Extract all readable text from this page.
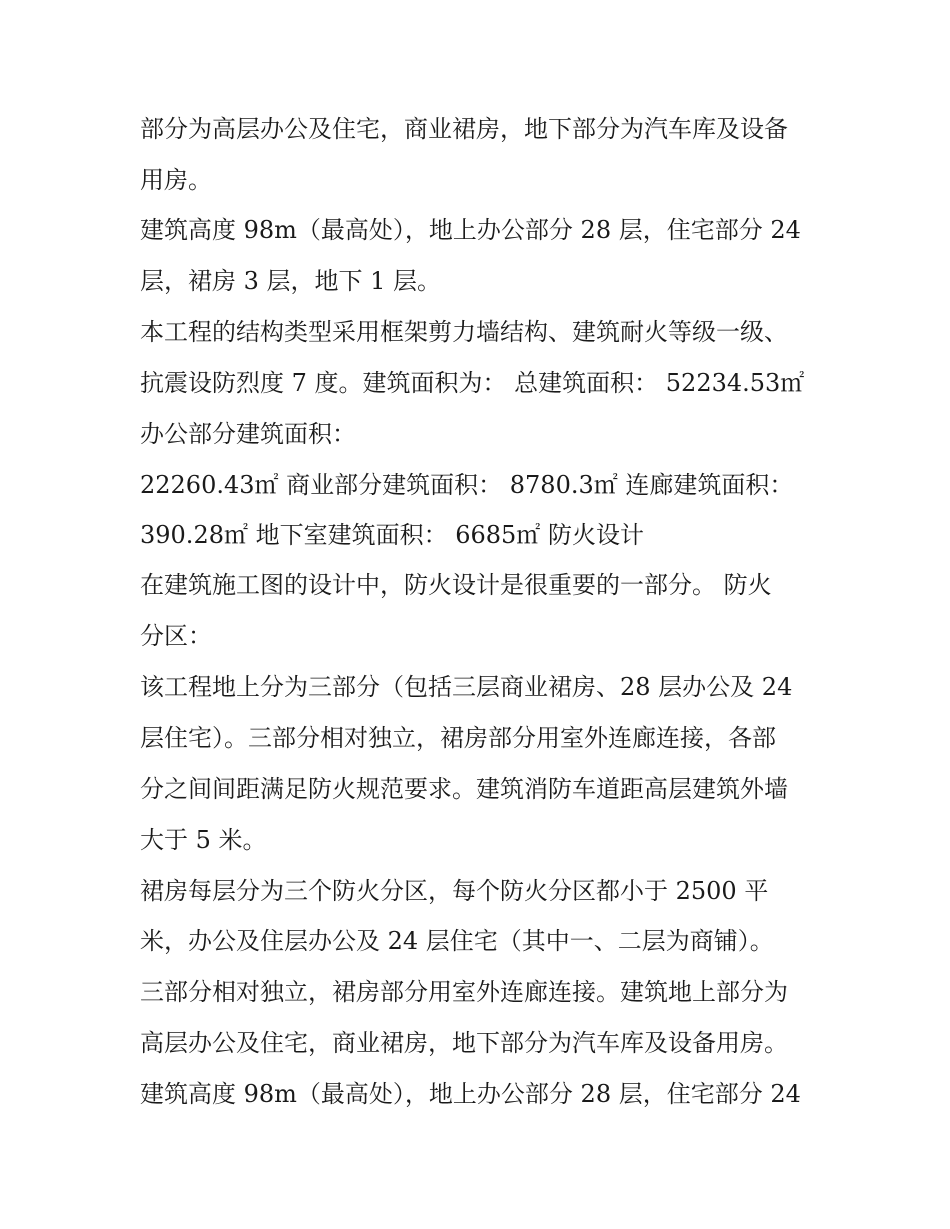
部分为高层办公及住宅，商业裙房，地下部分为汽车库及设备
用房。
建筑高度 98m（最高处），地上办公部分 28 层，住宅部分 24
层，裙房 3 层，地下 1 层。
本工程的结构类型采用框架剪力墙结构、建筑耐火等级一级、
抗震设防烈度 7 度。建筑面积为： 总建筑面积： 52234.53㎡
办公部分建筑面积：
22260.43㎡ 商业部分建筑面积： 8780.3㎡ 连廊建筑面积：
390.28㎡ 地下室建筑面积： 6685㎡ 防火设计
在建筑施工图的设计中，防火设计是很重要的一部分。 防火
分区：
该工程地上分为三部分（包括三层商业裙房、28 层办公及 24
层住宅）。三部分相对独立，裙房部分用室外连廊连接，各部
分之间间距满足防火规范要求。建筑消防车道距高层建筑外墙
大于 5 米。
裙房每层分为三个防火分区，每个防火分区都小于 2500 平
米，办公及住层办公及 24 层住宅（其中一、二层为商铺）。
三部分相对独立，裙房部分用室外连廊连接。建筑地上部分为
高层办公及住宅，商业裙房，地下部分为汽车库及设备用房。
建筑高度 98m（最高处），地上办公部分 28 层，住宅部分 24
